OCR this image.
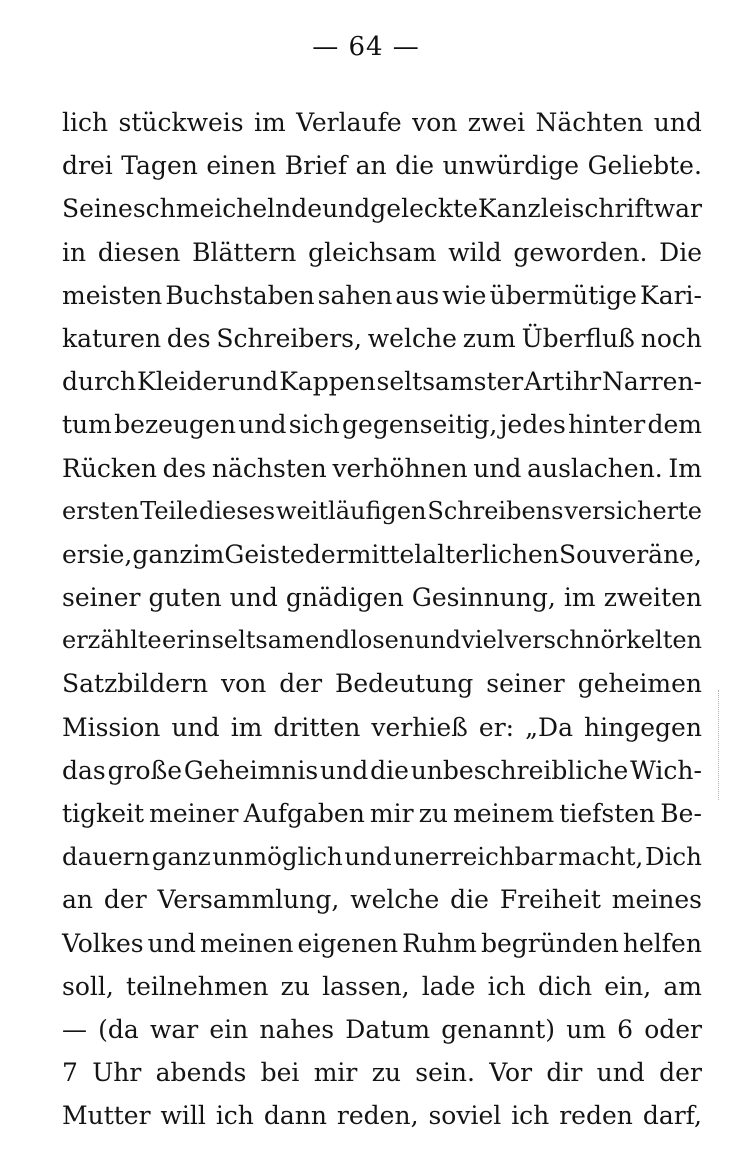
— 64 —
lich stückweis im Verlaufe von zwei Nächten und
drei Tagen einen Brief an die unwürdige Geliebte.
Seine schmeichelnde und geleckte Kanzleischrift war
in diesen Blättern gleichsam wild geworden. Die
meisten Buchstaben sahen aus wie übermütige Kari-
katuren des Schreibers, welche zum Überfluß noch
durch Kleider und Kappen seltsamster Art ihr Narren-
tum bezeugen und sich gegenseitig, jedes hinter dem
Rücken des nächsten verhöhnen und auslachen. Im
ersten Teile dieses weitläufigen Schreibens versicherte
er sie, ganz im Geiste der mittelalterlichen Souveräne,
seiner guten und gnädigen Gesinnung, im zweiten
erzählte er in seltsam endlosen und vielverschnörkelten
Satzbildern von der Bedeutung seiner geheimen
Mission und im dritten verhieß er: „Da hingegen
das große Geheimnis und die unbeschreibliche Wich-
tigkeit meiner Aufgaben mir zu meinem tiefsten Be-
dauern ganz unmöglich und unerreichbar macht, Dich
an der Versammlung, welche die Freiheit meines
Volkes und meinen eigenen Ruhm begründen helfen
soll, teilnehmen zu lassen, lade ich dich ein, am
— (da war ein nahes Datum genannt) um 6 oder
7 Uhr abends bei mir zu sein. Vor dir und der
Mutter will ich dann reden, soviel ich reden darf,
